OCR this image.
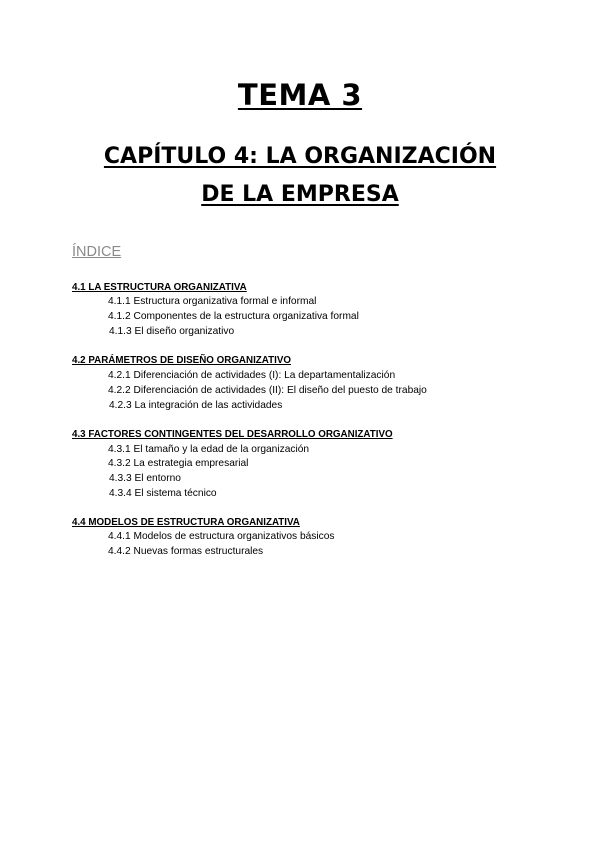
TEMA 3
CAPÍTULO 4: LA ORGANIZACIÓN
DE LA EMPRESA
ÍNDICE
4.1 LA ESTRUCTURA ORGANIZATIVA
4.1.1 Estructura organizativa formal e informal
4.1.2 Componentes de la estructura organizativa formal
4.1.3 El diseño organizativo
4.2 PARÁMETROS DE DISEÑO ORGANIZATIVO
4.2.1 Diferenciación de actividades (I): La departamentalización
4.2.2 Diferenciación de actividades (II): El diseño del puesto de trabajo
4.2.3 La integración de las actividades
4.3 FACTORES CONTINGENTES DEL DESARROLLO ORGANIZATIVO
4.3.1 El tamaño y la edad de la organización
4.3.2 La estrategia empresarial
4.3.3 El entorno
4.3.4 El sistema técnico
4.4 MODELOS DE ESTRUCTURA ORGANIZATIVA
4.4.1 Modelos de estructura organizativos básicos
4.4.2 Nuevas formas estructurales
